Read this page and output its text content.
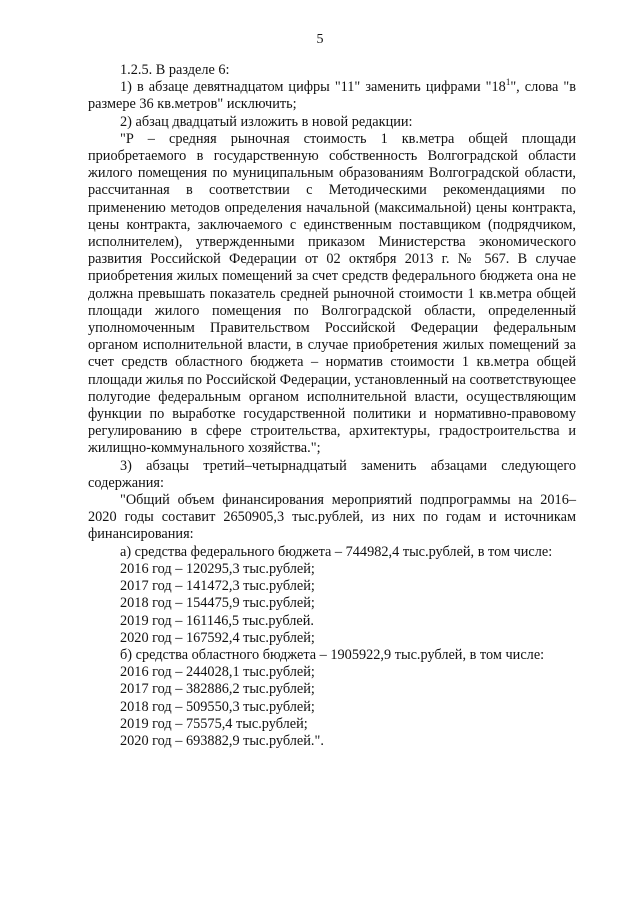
5

1.2.5. В разделе 6:

1) в абзаце девятнадцатом цифры "11" заменить цифрами "$18^1$", слова "в размере 36 кв.метров" исключить;

2) абзац двадцатый изложить в новой редакции:

"Р – средняя рыночная стоимость 1 кв.метра общей площади приобретаемого в государственную собственность Волгоградской области жилого помещения по муниципальным образованиям Волгоградской области, рассчитанная в соответствии с Методическими рекомендациями по применению методов определения начальной (максимальной) цены контракта, цены контракта, заключаемого с единственным поставщиком (подрядчиком, исполнителем), утвержденными приказом Министерства экономического развития Российской Федерации от 02 октября 2013 г. № 567. В случае приобретения жилых помещений за счет средств федерального бюджета она не должна превышать показатель средней рыночной стоимости 1 кв.метра общей площади жилого помещения по Волгоградской области, определенный уполномоченным Правительством Российской Федерации федеральным органом исполнительной власти, в случае приобретения жилых помещений за счет средств областного бюджета – норматив стоимости 1 кв.метра общей площади жилья по Российской Федерации, установленный на соответствующее полугодие федеральным органом исполнительной власти, осуществляющим функции по выработке государственной политики и нормативно-правовому регулированию в сфере строительства, архитектуры, градостроительства и жилищно-коммунального хозяйства.";

3) абзацы третий–четырнадцатый заменить абзацами следующего содержания:

"Общий объем финансирования мероприятий подпрограммы на 2016–2020 годы составит 2650905,3 тыс.рублей, из них по годам и источникам финансирования:

а) средства федерального бюджета – 744982,4 тыс.рублей, в том числе:

2016 год – 120295,3 тыс.рублей;

2017 год – 141472,3 тыс.рублей;

2018 год – 154475,9 тыс.рублей;

2019 год – 161146,5 тыс.рублей.

2020 год – 167592,4 тыс.рублей;

б) средства областного бюджета – 1905922,9 тыс.рублей, в том числе:

2016 год – 244028,1 тыс.рублей;

2017 год – 382886,2 тыс.рублей;

2018 год – 509550,3 тыс.рублей;

2019 год – 75575,4 тыс.рублей;

2020 год – 693882,9 тыс.рублей.".
